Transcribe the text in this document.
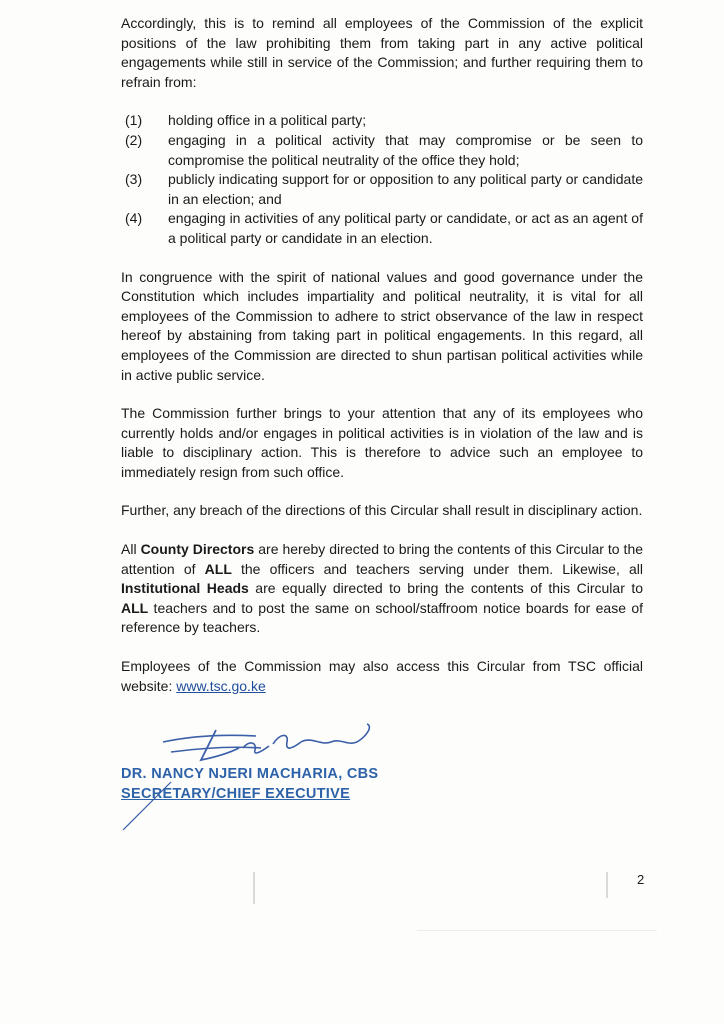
Accordingly, this is to remind all employees of the Commission of the explicit positions of the law prohibiting them from taking part in any active political engagements while still in service of the Commission; and further requiring them to refrain from:

(1) holding office in a political party;
(2) engaging in a political activity that may compromise or be seen to compromise the political neutrality of the office they hold;
(3) publicly indicating support for or opposition to any political party or candidate in an election; and
(4) engaging in activities of any political party or candidate, or act as an agent of a political party or candidate in an election.

In congruence with the spirit of national values and good governance under the Constitution which includes impartiality and political neutrality, it is vital for all employees of the Commission to adhere to strict observance of the law in respect hereof by abstaining from taking part in political engagements. In this regard, all employees of the Commission are directed to shun partisan political activities while in active public service.

The Commission further brings to your attention that any of its employees who currently holds and/or engages in political activities is in violation of the law and is liable to disciplinary action. This is therefore to advice such an employee to immediately resign from such office.

Further, any breach of the directions of this Circular shall result in disciplinary action.

All County Directors are hereby directed to bring the contents of this Circular to the attention of ALL the officers and teachers serving under them. Likewise, all Institutional Heads are equally directed to bring the contents of this Circular to ALL teachers and to post the same on school/staffroom notice boards for ease of reference by teachers.

Employees of the Commission may also access this Circular from TSC official website: www.tsc.go.ke

DR. NANCY NJERI MACHARIA, CBS
SECRETARY/CHIEF EXECUTIVE
2
